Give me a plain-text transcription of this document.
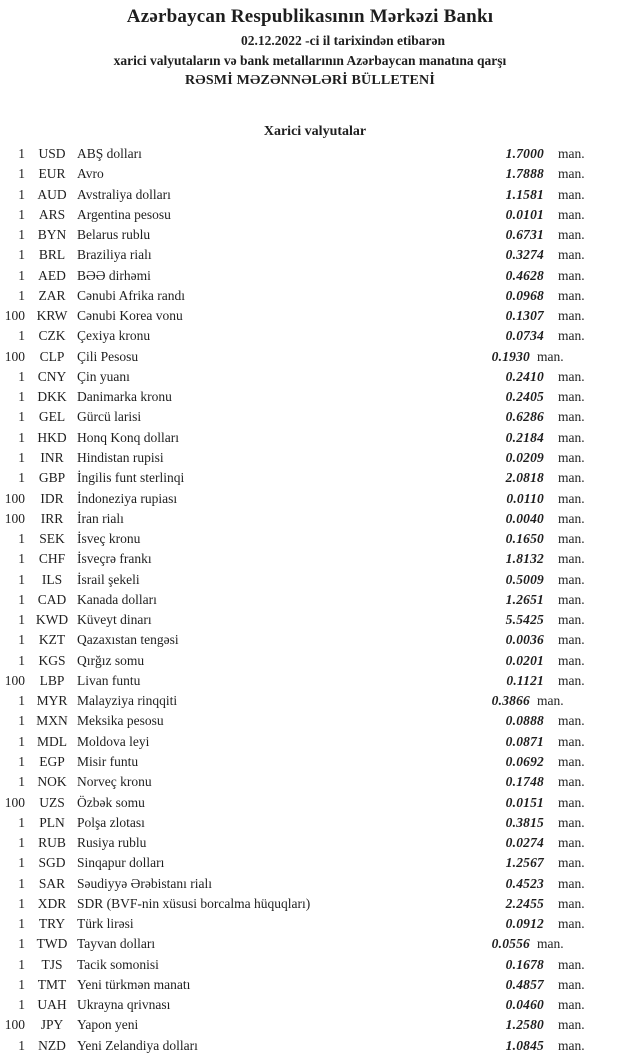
Azərbaycan Respublikasının Mərkəzi Bankı
02.12.2022 -ci il tarixindən etibarən
xarici valyutaların və bank metallarının Azərbaycan manatına qarşı
RƏSMİ MƏZƏNNƏLƏRİ BÜLLETENİ
Xarici valyutalar
1 USD ABŞ dolları	1.7000 man.
1	EUR Avro	1.7888 man.
1 AUD Avstraliya dolları	1.1581 man.
1	ARS Argentina pesosu	0.0101 man.
1 BYN Belarus rublu	0.6731 man.
1	BRL Braziliya rialı	0.3274 man.
1 AED BƏƏ dirhəmi	0.4628 man.
1	ZAR Cənubi Afrika randı	0.0968 man.
100 KRW Cənubi Korea vonu	0.1307 man.
1	CZK Çexiya kronu	0.0734 man.
100	CLP Çili Pesosu	0.1930 man.
1 CNY Çin yuanı	0.2410 man.
1 DKK Danimarka kronu	0.2405 man.
1	GEL Gürcü larisi	0.6286 man.
1 HKD Honq Konq dolları	0.2184 man.
1	INR Hindistan rupisi	0.0209 man.
1	GBP İngilis funt sterlinqi	2.0818 man.
100	IDR İndoneziya rupiası	0.0110 man.
100	IRR	İran rialı	0.0040 man.
1	SEK İsveç kronu	0.1650 man.
1	CHF İsveçrə frankı	1.8132 man.
1	ILS	İsrail şekeli	0.5009 man.
1 CAD Kanada dolları	1.2651 man.
1 KWD Küveyt dinarı	5.5425 man.
1	KZT Qazaxıstan tengəsi	0.0036 man.
1 KGS Qırğız somu	0.0201 man.
100	LBP Livan funtu	0.1121 man.
1 MYR Malayziya rinqqiti	0.3866 man.
1 MXN Meksika pesosu	0.0888 man.
1 MDL Moldova leyi	0.0871 man.
1	EGP Misir funtu	0.0692 man.
1 NOK Norveç kronu	0.1748 man.
100	UZS Özbək somu	0.0151 man.
1	PLN Polşa zlotası	0.3815 man.
1 RUB Rusiya rublu	0.0274 man.
1 SGD Sinqapur dolları	1.2567 man.
1	SAR Səudiyyə Ərəbistanı rialı	0.4523 man.
1 XDR SDR (BVF-nin xüsusi borcalma hüquqları)	2.2455 man.
1	TRY Türk lirəsi	0.0912 man.
1 TWD Tayvan dolları	0.0556 man.
1	TJS	Tacik somonisi	0.1678 man.
1 TMT Yeni türkmən manatı	0.4857 man.
1 UAH Ukrayna qrivnası	0.0460 man.
100	JPY	Yapon yeni	1.2580 man.
1 NZD Yeni Zelandiya dolları	1.0845 man.
